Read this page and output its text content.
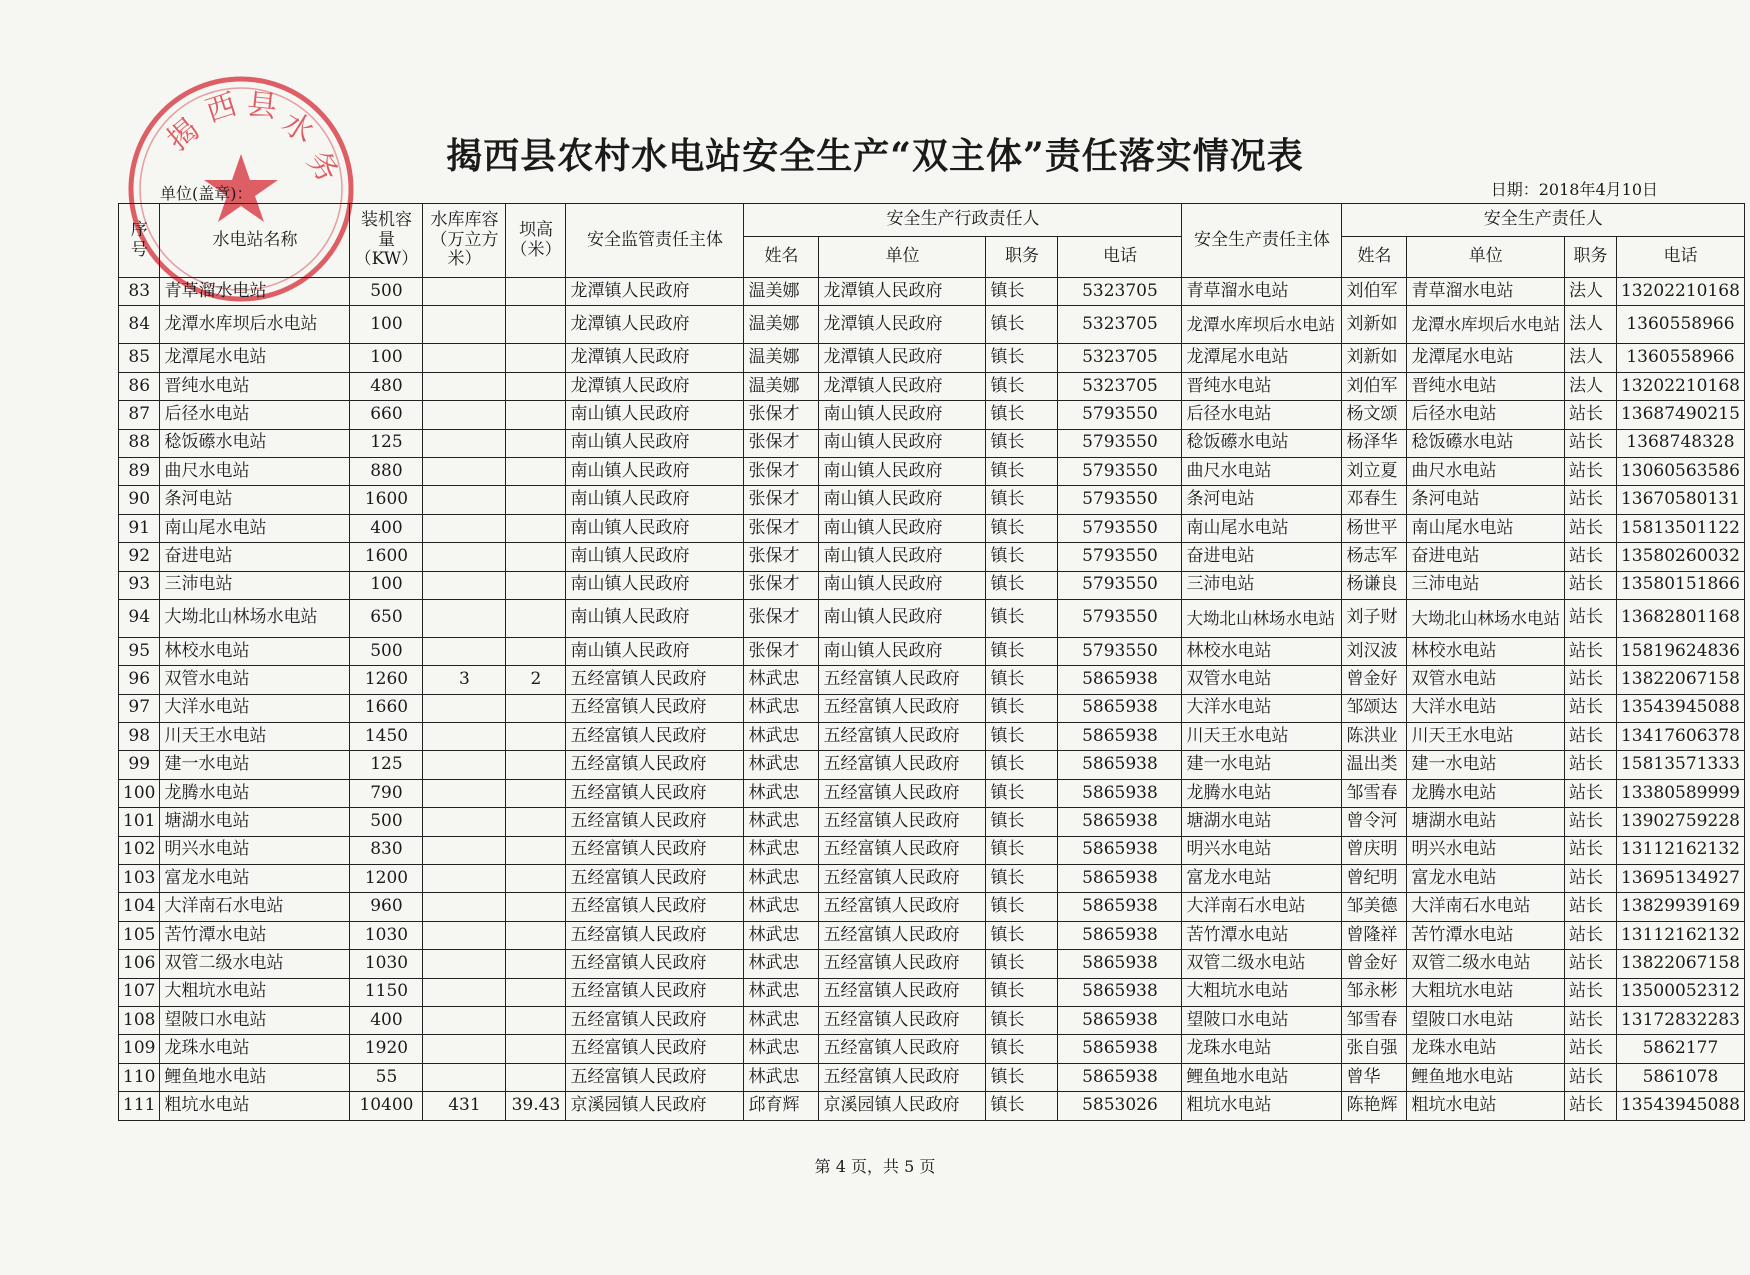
揭
西 县
水
务	揭西县农村水电站安全生产“双主体”责任落实情况表
单位(盖章)：	日期：2018年4月10日
序号	水电站名称	装机容量（KW）	水库库容（万立方米）	坝高（米）	安全监管责任主体	安全生产行政责任人				安全生产责任主体	安全生产责任人			
						姓名	单位	职务	电话		姓名	单位	职务	电话
83	青草溜水电站	500			龙潭镇人民政府	温美娜	龙潭镇人民政府	镇长	5323705	青草溜水电站	刘伯军	青草溜水电站	法人	13202210168
84	龙潭水库坝后水电站	100			龙潭镇人民政府	温美娜	龙潭镇人民政府	镇长	5323705	龙潭水库坝后水电站	刘新如	龙潭水库坝后水电站	法人	1360558966
85	龙潭尾水电站	100			龙潭镇人民政府	温美娜	龙潭镇人民政府	镇长	5323705	龙潭尾水电站	刘新如	龙潭尾水电站	法人	1360558966
86	晋纯水电站	480			龙潭镇人民政府	温美娜	龙潭镇人民政府	镇长	5323705	晋纯水电站	刘伯军	晋纯水电站	法人	13202210168
87	后径水电站	660			南山镇人民政府	张保才	南山镇人民政府	镇长	5793550	后径水电站	杨文颂	后径水电站	站长	13687490215
88	稔饭礤水电站	125			南山镇人民政府	张保才	南山镇人民政府	镇长	5793550	稔饭礤水电站	杨泽华	稔饭礤水电站	站长	1368748328
89	曲尺水电站	880			南山镇人民政府	张保才	南山镇人民政府	镇长	5793550	曲尺水电站	刘立夏	曲尺水电站	站长	13060563586
90	条河电站	1600			南山镇人民政府	张保才	南山镇人民政府	镇长	5793550	条河电站	邓春生	条河电站	站长	13670580131
91	南山尾水电站	400			南山镇人民政府	张保才	南山镇人民政府	镇长	5793550	南山尾水电站	杨世平	南山尾水电站	站长	15813501122
92	奋进电站	1600			南山镇人民政府	张保才	南山镇人民政府	镇长	5793550	奋进电站	杨志军	奋进电站	站长	13580260032
93	三沛电站	100			南山镇人民政府	张保才	南山镇人民政府	镇长	5793550	三沛电站	杨谦良	三沛电站	站长	13580151866
94	大坳北山林场水电站	650			南山镇人民政府	张保才	南山镇人民政府	镇长	5793550	大坳北山林场水电站	刘子财	大坳北山林场水电站	站长	13682801168
95	林校水电站	500			南山镇人民政府	张保才	南山镇人民政府	镇长	5793550	林校水电站	刘汉波	林校水电站	站长	15819624836
96	双管水电站	1260	3	2	五经富镇人民政府	林武忠	五经富镇人民政府	镇长	5865938	双管水电站	曾金好	双管水电站	站长	13822067158
97	大洋水电站	1660			五经富镇人民政府	林武忠	五经富镇人民政府	镇长	5865938	大洋水电站	邹颂达	大洋水电站	站长	13543945088
98	川天王水电站	1450			五经富镇人民政府	林武忠	五经富镇人民政府	镇长	5865938	川天王水电站	陈洪业	川天王水电站	站长	13417606378
99	建一水电站	125			五经富镇人民政府	林武忠	五经富镇人民政府	镇长	5865938	建一水电站	温出类	建一水电站	站长	15813571333
100	龙腾水电站	790			五经富镇人民政府	林武忠	五经富镇人民政府	镇长	5865938	龙腾水电站	邹雪春	龙腾水电站	站长	13380589999
101	塘湖水电站	500			五经富镇人民政府	林武忠	五经富镇人民政府	镇长	5865938	塘湖水电站	曾令河	塘湖水电站	站长	13902759228
102	明兴水电站	830			五经富镇人民政府	林武忠	五经富镇人民政府	镇长	5865938	明兴水电站	曾庆明	明兴水电站	站长	13112162132
103	富龙水电站	1200			五经富镇人民政府	林武忠	五经富镇人民政府	镇长	5865938	富龙水电站	曾纪明	富龙水电站	站长	13695134927
104	大洋南石水电站	960			五经富镇人民政府	林武忠	五经富镇人民政府	镇长	5865938	大洋南石水电站	邹美德	大洋南石水电站	站长	13829939169
105	苦竹潭水电站	1030			五经富镇人民政府	林武忠	五经富镇人民政府	镇长	5865938	苦竹潭水电站	曾隆祥	苦竹潭水电站	站长	13112162132
106	双管二级水电站	1030			五经富镇人民政府	林武忠	五经富镇人民政府	镇长	5865938	双管二级水电站	曾金好	双管二级水电站	站长	13822067158
107	大粗坑水电站	1150			五经富镇人民政府	林武忠	五经富镇人民政府	镇长	5865938	大粗坑水电站	邹永彬	大粗坑水电站	站长	13500052312
108	望陂口水电站	400			五经富镇人民政府	林武忠	五经富镇人民政府	镇长	5865938	望陂口水电站	邹雪春	望陂口水电站	站长	13172832283
109	龙珠水电站	1920			五经富镇人民政府	林武忠	五经富镇人民政府	镇长	5865938	龙珠水电站	张自强	龙珠水电站	站长	5862177
110	鲤鱼地水电站	55			五经富镇人民政府	林武忠	五经富镇人民政府	镇长	5865938	鲤鱼地水电站	曾华	鲤鱼地水电站	站长	5861078
111	粗坑水电站	10400	431	39.43	京溪园镇人民政府	邱育辉	京溪园镇人民政府	镇长	5853026	粗坑水电站	陈艳辉	粗坑水电站	站长	13543945088
第 4 页，共 5 页
